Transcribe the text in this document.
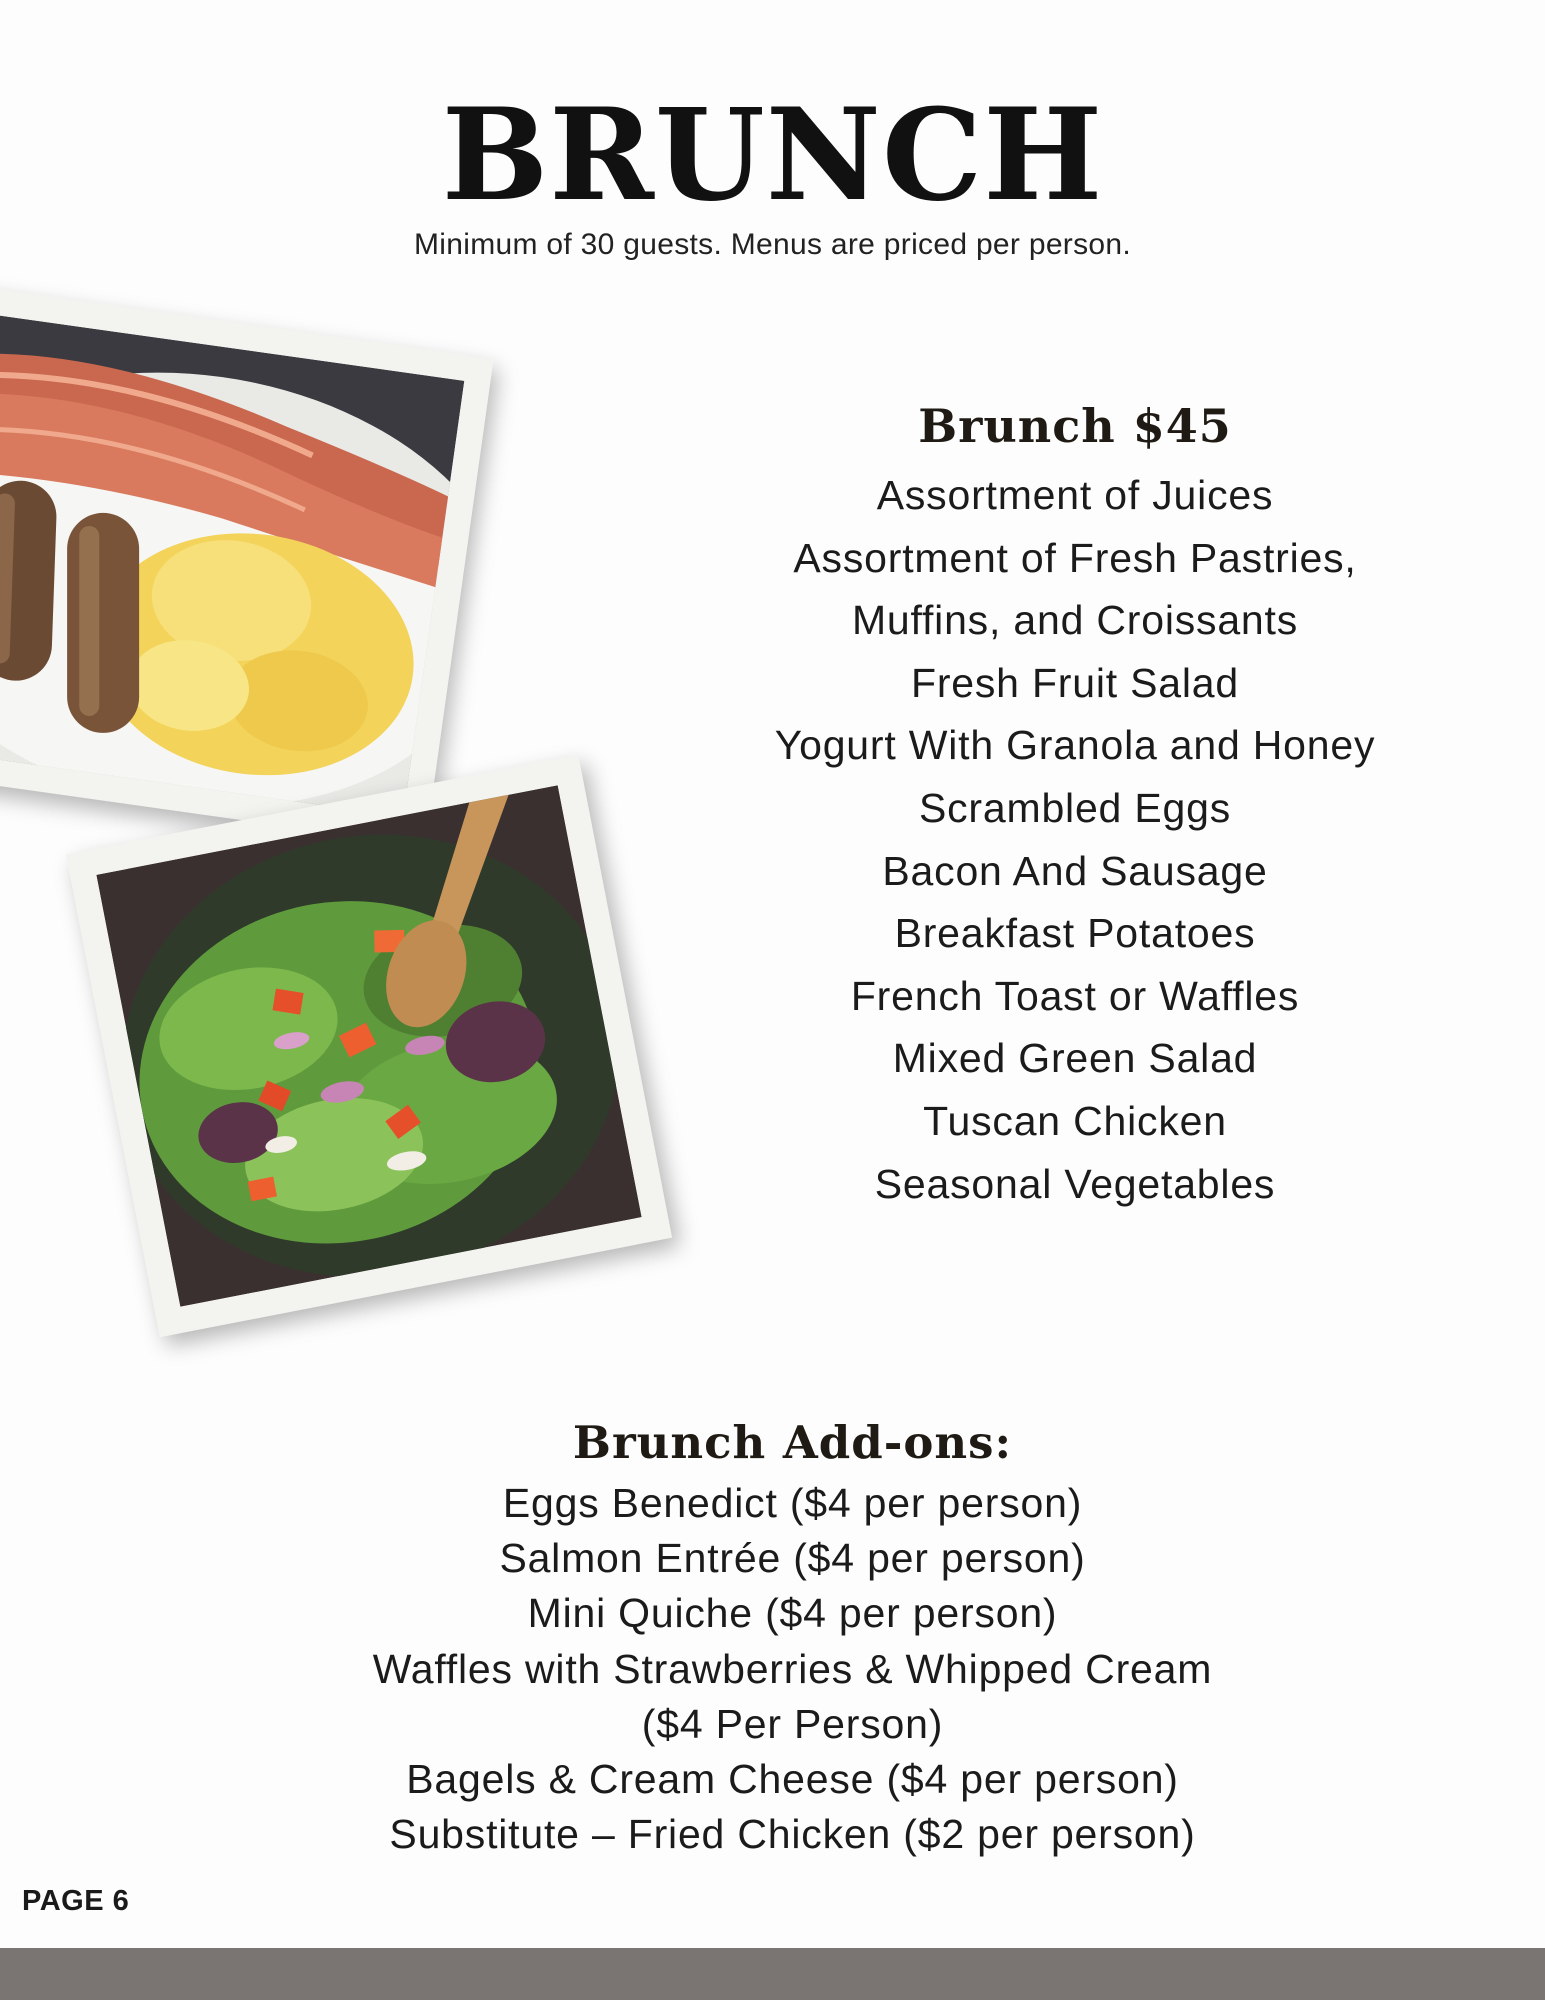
BRUNCH
Minimum of 30 guests. Menus are priced per person.
Brunch $45
Assortment of Juices
Assortment of Fresh Pastries,
Muffins, and Croissants
Fresh Fruit Salad
Yogurt With Granola and Honey
Scrambled Eggs
Bacon And Sausage
Breakfast Potatoes
French Toast or Waffles
Mixed Green Salad
Tuscan Chicken
Seasonal Vegetables
Brunch Add-ons:
Eggs Benedict ($4 per person)
Salmon Entrée ($4 per person)
Mini Quiche ($4 per person)
Waffles with Strawberries & Whipped Cream
($4 Per Person)
Bagels & Cream Cheese ($4 per person)
Substitute – Fried Chicken ($2 per person)
PAGE 6
